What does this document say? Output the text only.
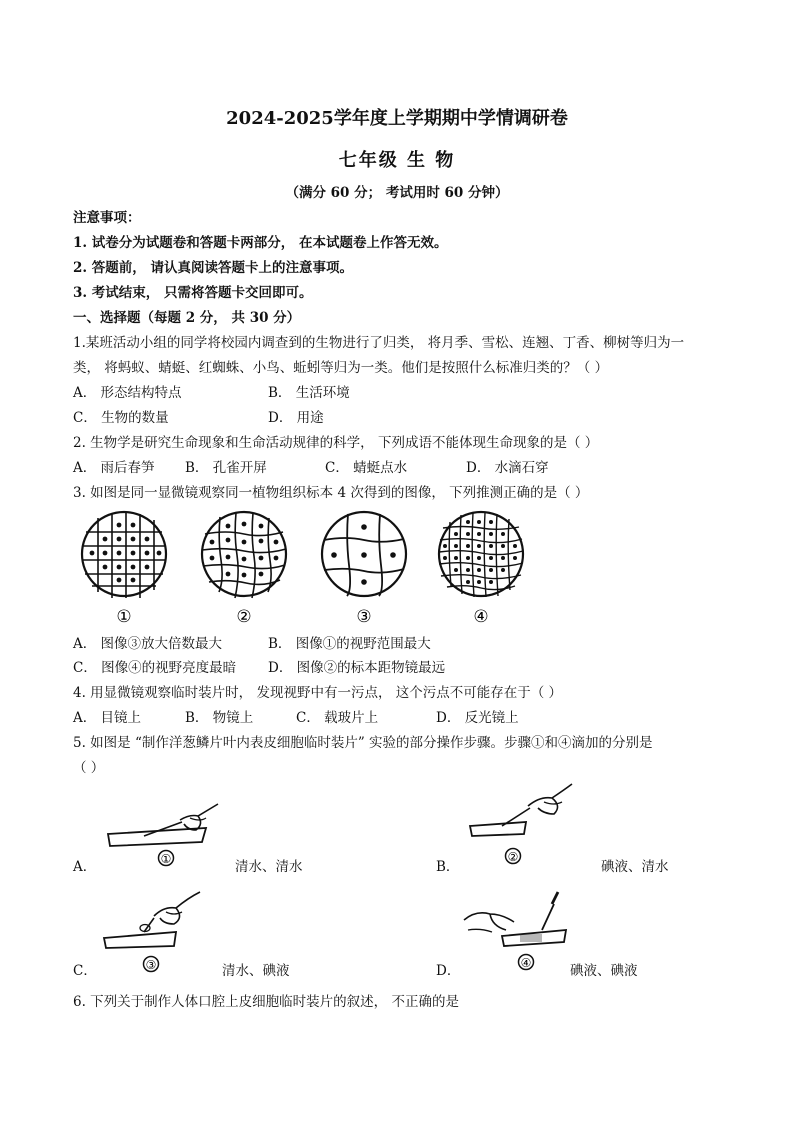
2024-2025学年度上学期期中学情调研卷
七年级 生 物
（满分 60 分； 考试用时 60 分钟）
注意事项：
1. 试卷分为试题卷和答题卡两部分， 在本试题卷上作答无效。
2. 答题前， 请认真阅读答题卡上的注意事项。
3. 考试结束， 只需将答题卡交回即可。
一、选择题（每题 2 分， 共 30 分）
1.某班活动小组的同学将校园内调查到的生物进行了归类， 将月季、雪松、连翘、丁香、柳树等归为一
类， 将蚂蚁、蜻蜓、红蜘蛛、小鸟、蚯蚓等归为一类。他们是按照什么标准归类的？（ ）
A． 形态结构特点	B． 生活环境
C． 生物的数量	D． 用途
2. 生物学是研究生命现象和生命活动规律的科学， 下列成语不能体现生命现象的是（ ）
A． 雨后春笋 B． 孔雀开屏	C． 蜻蜓点水	D． 水滴石穿
3. 如图是同一显微镜观察同一植物组织标本 4 次得到的图像， 下列推测正确的是（ ）
①	②	③	④
A． 图像③放大倍数最大	B． 图像①的视野范围最大
C． 图像④的视野亮度最暗 D． 图像②的标本距物镜最远
4. 用显微镜观察临时装片时， 发现视野中有一污点， 这个污点不可能存在于（ ）
A． 目镜上	B． 物镜上	C． 载玻片上	D． 反光镜上
5. 如图是 “制作洋葱鳞片叶内表皮细胞临时装片” 实验的部分操作步骤。步骤①和④滴加的分别是
（ ）
①
A．	清水、清水
②
B．	碘液、清水
③
C．	清水、碘液	④
D．	碘液、碘液
6. 下列关于制作人体口腔上皮细胞临时装片的叙述， 不正确的是
